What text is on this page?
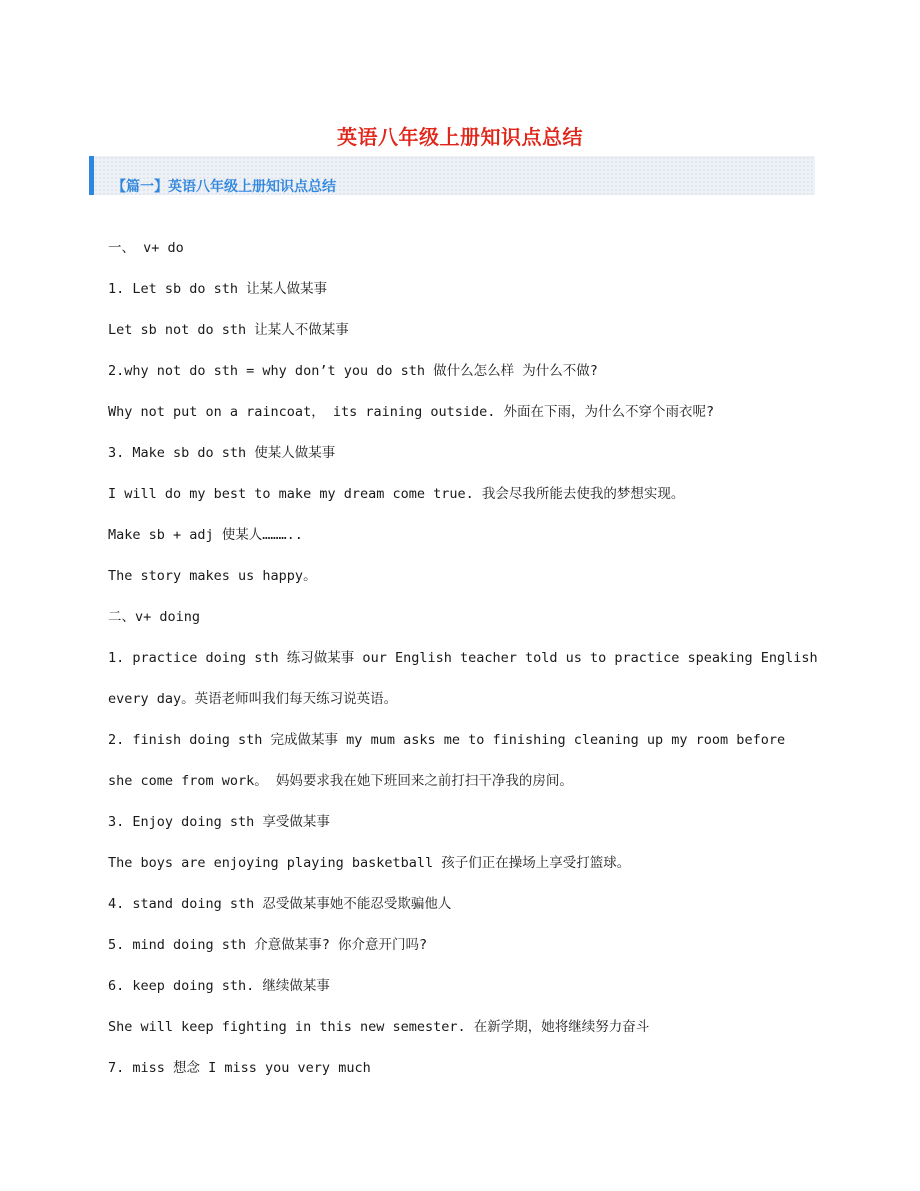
英语八年级上册知识点总结
【篇一】英语八年级上册知识点总结
一、 v+ do
1. Let sb do sth 让某人做某事
Let sb not do sth 让某人不做某事
2.why not do sth = why don’t you do sth 做什么怎么样 为什么不做?
Why not put on a raincoat， its raining outside. 外面在下雨，为什么不穿个雨衣呢?
3. Make sb do sth 使某人做某事
I will do my best to make my dream come true. 我会尽我所能去使我的梦想实现。
Make sb + adj 使某人………..
The story makes us happy。
二、v+ doing
1. practice doing sth 练习做某事 our English teacher told us to practice speaking English
every day。英语老师叫我们每天练习说英语。
2. finish doing sth 完成做某事 my mum asks me to finishing cleaning up my room before
she come from work。 妈妈要求我在她下班回来之前打扫干净我的房间。
3. Enjoy doing sth 享受做某事
The boys are enjoying playing basketball 孩子们正在操场上享受打篮球。
4. stand doing sth 忍受做某事她不能忍受欺骗他人
5. mind doing sth 介意做某事? 你介意开门吗?
6. keep doing sth. 继续做某事
She will keep fighting in this new semester. 在新学期，她将继续努力奋斗
7. miss 想念 I miss you very much
